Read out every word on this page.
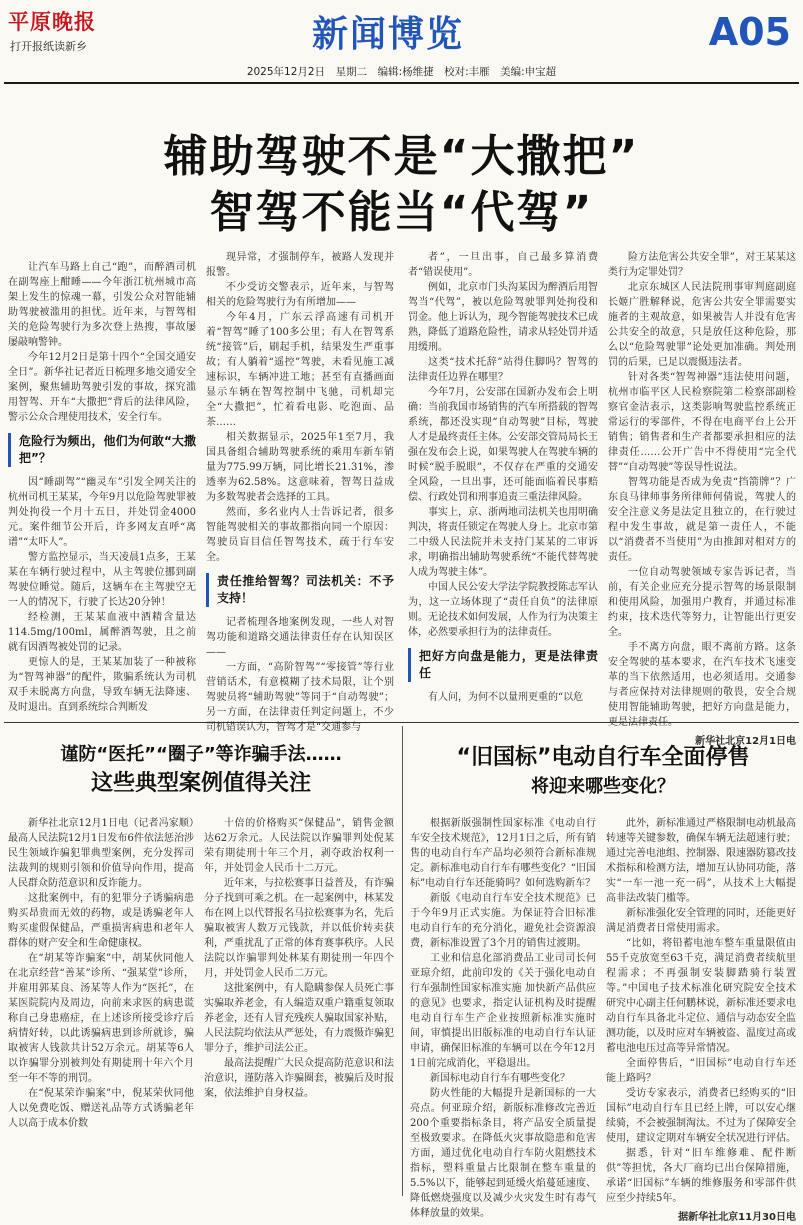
平原晚报
打开报纸读新乡	新闻博览	A05
2025年12月2日　星期二　编辑:杨维捷　校对:丰雁　美编:申宝超
辅助驾驶不是“大撒把”
智驾不能当“代驾”

让汽车马路上自己“跑”，而醉酒司机在副驾座上酣睡——今年浙江杭州城市高架上发生的惊魂一幕，引发公众对智能辅助驾驶被滥用的担忧。近年来，与智驾相关的危险驾驶行为多次登上热搜，事故屡屡敲响警钟。

今年12月2日是第十四个“全国交通安全日”。新华社记者近日梳理多地交通安全案例，聚焦辅助驾驶引发的事故，探究滥用智驾、开车“大撒把”背后的法律风险，警示公众合理使用技术，安全行车。

危险行为频出，他们为何敢“大撒把”？

因“睡副驾”“幽灵车”引发全网关注的杭州司机王某某，今年9月以危险驾驶罪被判处拘役一个月十五日，并处罚金4000元。案件细节公开后，许多网友直呼“离谱”“太吓人”。

警方监控显示，当天凌晨1点多，王某某在车辆行驶过程中，从主驾驶位挪到副驾驶位睡觉。随后，这辆车在主驾驶空无一人的情况下，行驶了长达20分钟！

经检测，王某某血液中酒精含量达114.5mg/100ml，属醉酒驾驶，且之前就有因酒驾被处罚的记录。

更惊人的是，王某某加装了一种被称为“智驾神器”的配件，欺骗系统认为司机双手未脱离方向盘，导致车辆无法降速、及时退出。直到系统综合判断发

现异常，才强制停车，被路人发现并报警。

不少受访交警表示，近年来，与智驾相关的危险驾驶行为有所增加——

今年4月，广东云浮高速有司机开着“智驾”睡了100多公里；有人在智驾系统“接管”后，刷起手机，结果发生严重事故；有人躺着“遥控”驾驶，未看见施工减速标识，车辆冲进工地；甚至有直播画面显示车辆在智驾控制中飞驰，司机却完全“大撒把”，忙着看电影、吃泡面、品茶……

相关数据显示，2025年1至7月，我国具备组合辅助驾驶系统的乘用车新车销量为775.99万辆，同比增长21.31%，渗透率为62.58%。这意味着，智驾日益成为多数驾驶者会选择的工具。

然而，多名业内人士告诉记者，很多智能驾驶相关的事故都指向同一个原因：驾驶员盲目信任智驾技术，疏于行车安全。

责任推给智驾？司法机关：不予支持！

记者梳理各地案例发现，一些人对智驾功能和道路交通法律责任存在认知误区——

一方面，“高阶智驾”“零接管”等行业营销话术，有意模糊了技术局限，让个别驾驶员将“辅助驾驶”等同于“自动驾驶”；另一方面，在法律责任判定问题上，不少司机错误认为，智驾才是“交通参与

者”，一旦出事，自己最多算消费者“错误使用”。

例如，北京市门头沟某因为醉酒后用智驾当“代驾”，被以危险驾驶罪判处拘役和罚金。他上诉认为，现今智能驾驶技术已成熟，降低了道路危险性，请求从轻处罚并适用缓刑。

这类“技术托辞”站得住脚吗？智驾的法律责任边界在哪里？

今年7月，公安部在国新办发布会上明确：当前我国市场销售的汽车所搭载的智驾系统，都还没实现“自动驾驶”目标，驾驶人才是最终责任主体。公安部交管局局长王强在发布会上说，如果驾驶人在驾驶车辆的时候“脱手脱眼”，不仅存在严重的交通安全风险，一旦出事，还可能面临着民事赔偿、行政处罚和刑事追责三重法律风险。

事实上，京、浙两地司法机关也用明确判决，将责任锁定在驾驶人身上。北京市第二中级人民法院并未支持门某某的二审诉求，明确指出辅助驾驶系统“不能代替驾驶人成为驾驶主体”。

中国人民公安大学法学院教授陈志军认为，这一立场体现了“责任自负”的法律原则。无论技术如何发展，人作为行为决策主体，必然要承担行为的法律责任。

把好方向盘是能力，更是法律责任

有人问，为何不以量刑更重的“以危

险方法危害公共安全罪”，对王某某这类行为定罪处罚？

北京东城区人民法院刑事审判庭副庭长姬广胜解释说，危害公共安全罪需要实施者的主观故意，如果被告人并没有危害公共安全的故意，只是放任这种危险，那么以“危险驾驶罪”论处更加准确。判处刑罚的后果，已足以震慑违法者。

针对各类“智驾神器”违法使用问题，杭州市临平区人民检察院第二检察部副检察官金洁表示，这类影响驾驶监控系统正常运行的零部件，不得在电商平台上公开销售；销售者和生产者都要承担相应的法律责任……公开广告中不得使用“完全代替”“自动驾驶”等误导性说法。

智驾功能是否成为免责“挡箭牌”？广东良马律师事务所律师何倩说，驾驶人的安全注意义务是法定且独立的，在行驶过程中发生事故，就是第一责任人，不能以“消费者不当使用”为由推卸对相对方的责任。

一位自动驾驶领域专家告诉记者，当前，有关企业应充分提示智驾的场景限制和使用风险，加强用户教育，并通过标准约束，技术迭代等努力，让智能出行更安全。

手不离方向盘，眼不离前方路。这条安全驾驶的基本要求，在汽车技术飞速变革的当下依然适用，也必须适用。交通参与者应保持对法律规则的敬畏，安全合规使用智能辅助驾驶，把好方向盘是能力，更是法律责任。

新华社北京12月1日电
谨防“医托”“圈子”等诈骗手法……
这些典型案例值得关注

新华社北京12月1日电（记者冯家顺）最高人民法院12月1日发布6件依法惩治涉民生领域诈骗犯罪典型案例，充分发挥司法裁判的规则引领和价值导向作用，提高人民群众防范意识和反诈能力。

这批案例中，有的犯罪分子诱骗病患购买昂贵而无效的药物，或是诱骗老年人购买虚假保健品，严重损害病患和老年人群体的财产安全和生命健康权。

在“胡某等诈骗案”中，胡某伙同他人在北京经营“善某”诊所、“强某堂”诊所，并雇用郭某良、汤某等人作为“医托”，在某医院院内及周边，向前来求医的病患谎称自己身患癌症，在上述诊所接受诊疗后病情好转，以此诱骗病患到诊所就诊，骗取被害人钱款共计52万余元。胡某等6人以诈骗罪分别被判处有期徒刑十年六个月至一年不等的刑罚。

在“倪某荣诈骗案”中，倪某荣伙同他人以免费吃饭、赠送礼品等方式诱骗老年人以高于成本价数

十倍的价格购买“保健品”，销售金额达62万余元。人民法院以诈骗罪判处倪某荣有期徒刑十年三个月，剥夺政治权利一年，并处罚金人民币十二万元。

近年来，与拉松赛事日益普及，有诈骗分子找到可乘之机。在一起案例中，林某发布在网上以代替报名马拉松赛事为名，先后骗取被害人数万元钱款，并以低价转卖获利，严重扰乱了正常的体育赛事秩序。人民法院以诈骗罪判处林某有期徒刑一年四个月，并处罚金人民币二万元。

这批案例中，有人隐瞒参保人员死亡事实骗取养老金，有人编造双重户籍重复领取养老金，还有人冒充残疾人骗取国家补贴，人民法院均依法从严惩处，有力震慑诈骗犯罪分子，维护司法公正。

最高法提醒广大民众提高防范意识和法治意识，谨防落入诈骗圈套，被骗后及时报案，依法维护自身权益。

“旧国标”电动自行车全面停售
将迎来哪些变化？

根据新版强制性国家标准《电动自行车安全技术规范》，12月1日之后，所有销售的电动自行车产品均必须符合新标准规定。新标准电动自行车有哪些变化？“旧国标”电动自行车还能骑吗？如何选购新车？

新版《电动自行车安全技术规范》已于今年9月正式实施。为保证符合旧标准电动自行车的充分消化，避免社会资源浪费，新标准设置了3个月的销售过渡期。

工业和信息化部消费品工业司司长何亚琼介绍，此前印发的《关于强化电动自行车强制性国家标准实施 加快新产品供应的意见》也要求，指定认证机构及时提醒电动自行车生产企业按照新标准实施时间，审慎提出旧版标准的电动自行车认证申请，确保旧标准的车辆可以在今年12月1日前完成消化，平稳退出。

新国标电动自行车有哪些变化？

防火性能的大幅提升是新国标的一大亮点。何亚琼介绍，新版标准修改完善近200个重要指标条目，将产品安全质量提至极致要求。在降低火灾事故隐患和危害方面，通过优化电动自行车防火阻燃技术指标，塑料重量占比限制在整车重量的5.5%以下，能够起到延缓火焰蔓延速度、降低燃烧强度以及减少火灾发生时有毒气体释放量的效果。

此外，新标准通过严格限制电动机最高转速等关键参数，确保车辆无法超速行驶；通过完善电池组、控制器、限速器防篡改技术指标和检测方法，增加互认协同功能，落实“一车一池一充一码”，从技术上大幅提高非法改装门槛等。

新标准强化安全管理的同时，还能更好满足消费者日常使用需求。

“比如，将铅蓄电池车整车重量限值由55千克放宽至63千克，满足消费者续航里程需求；不再强制安装脚踏骑行装置等。”中国电子技术标准化研究院安全技术研究中心副主任何鹏林说，新标准还要求电动自行车具备北斗定位、通信与动态安全监测功能，以及时应对车辆被盗、温度过高或蓄电池电压过高等异常情况。

全面停售后，“旧国标”电动自行车还能上路吗？

受访专家表示，消费者已经购买的“旧国标”电动自行车且已经上牌，可以安心继续骑，不会被强制淘汰。不过为了保障安全使用，建议定期对车辆安全状况进行评估。

据悉，针对“旧车维修难、配件断供”等担忧，各大厂商均已出台保障措施，承诺“旧国标”车辆的维修服务和零部件供应至少持续5年。

据新华社北京11月30日电
